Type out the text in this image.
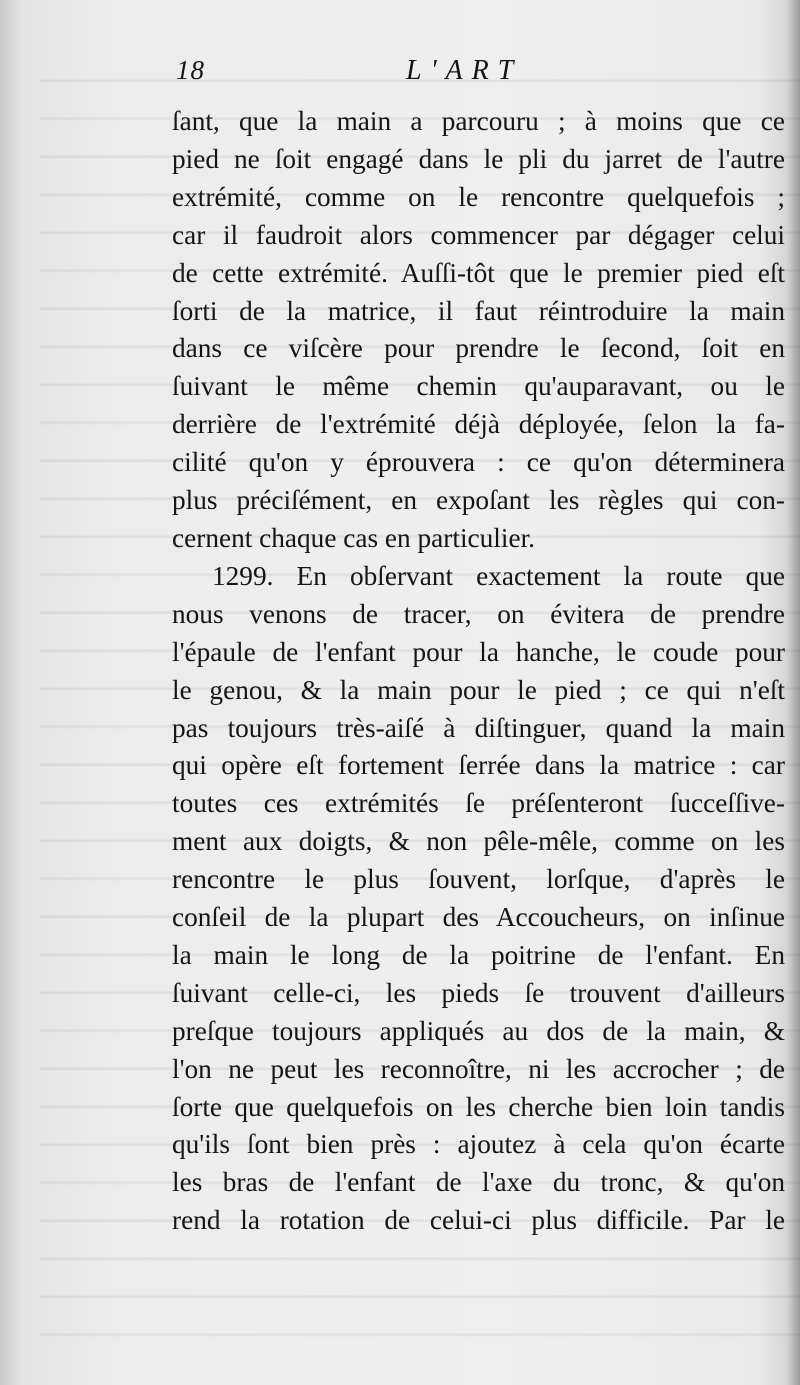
18	L'ART
ſant, que la main a parcouru ; à moins que ce
pied ne ſoit engagé dans le pli du jarret de l'autre
extrémité, comme on le rencontre quelquefois ;
car il faudroit alors commencer par dégager celui
de cette extrémité. Auſſi-tôt que le premier pied eſt
ſorti de la matrice, il faut réintroduire la main
dans ce viſcère pour prendre le ſecond, ſoit en
ſuivant le même chemin qu'auparavant, ou le
derrière de l'extrémité déjà déployée, ſelon la fa-
cilité qu'on y éprouvera : ce qu'on déterminera
plus préciſément, en expoſant les règles qui con-
cernent chaque cas en particulier.
1299. En obſervant exactement la route que
nous venons de tracer, on évitera de prendre
l'épaule de l'enfant pour la hanche, le coude pour
le genou, & la main pour le pied ; ce qui n'eſt
pas toujours très-aiſé à diſtinguer, quand la main
qui opère eſt fortement ſerrée dans la matrice : car
toutes ces extrémités ſe préſenteront ſucceſſive-
ment aux doigts, & non pêle-mêle, comme on les
rencontre le plus ſouvent, lorſque, d'après le
conſeil de la plupart des Accoucheurs, on inſinue
la main le long de la poitrine de l'enfant. En
ſuivant celle-ci, les pieds ſe trouvent d'ailleurs
preſque toujours appliqués au dos de la main, &
l'on ne peut les reconnoître, ni les accrocher ; de
ſorte que quelquefois on les cherche bien loin tandis
qu'ils ſont bien près : ajoutez à cela qu'on écarte
les bras de l'enfant de l'axe du tronc, & qu'on
rend la rotation de celui-ci plus difficile. Par le
